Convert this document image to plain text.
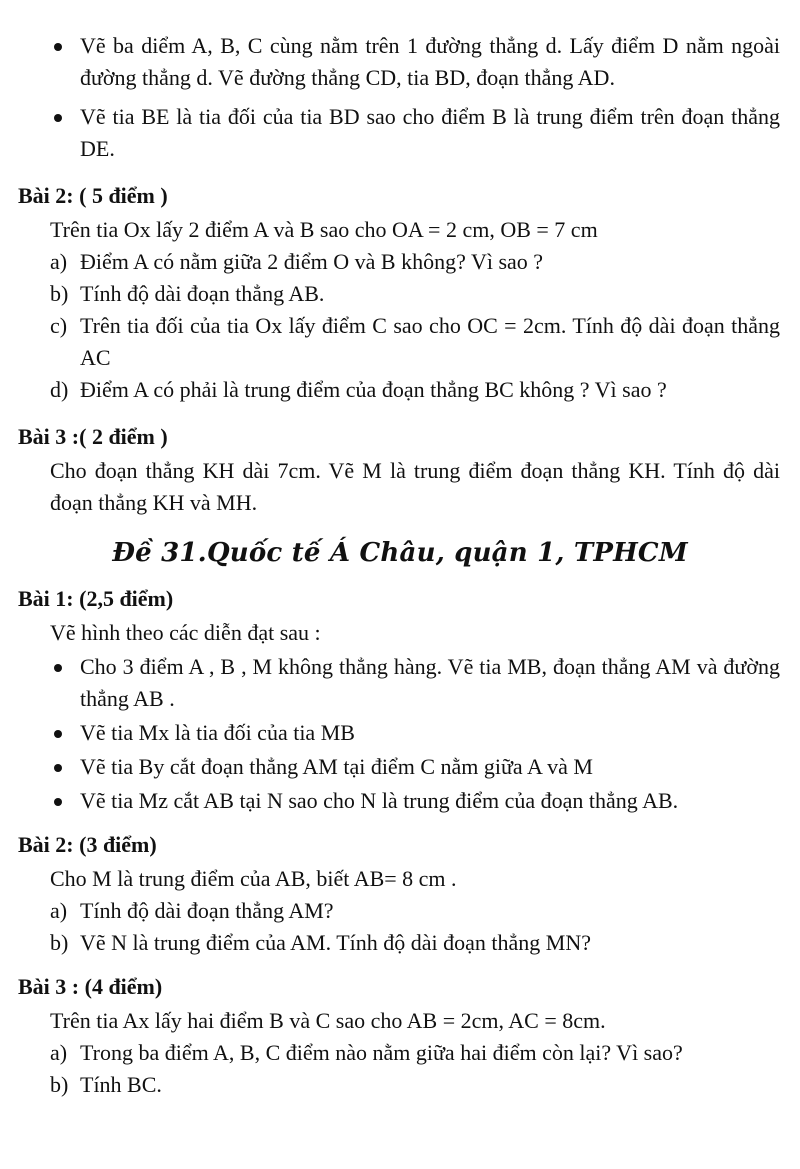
Vẽ ba diểm A, B, C cùng nằm trên 1 đường thẳng d. Lấy điểm D nằm ngoài đường thẳng d. Vẽ đường thẳng CD, tia BD, đoạn thẳng AD.
Vẽ tia BE là tia đối của tia BD sao cho điểm B là trung điểm trên đoạn thẳng DE.
Bài 2: ( 5 điểm )
Trên tia Ox lấy 2 điểm A và B sao cho OA = 2 cm, OB = 7 cm
a) Điểm A có nằm giữa 2 điểm O và B không? Vì sao ?
b) Tính độ dài đoạn thẳng AB.
c) Trên tia đối của tia Ox lấy điểm C sao cho OC = 2cm. Tính độ dài đoạn thẳng AC
d) Điểm A có phải là trung điểm của đoạn thẳng BC không ? Vì sao ?
Bài 3 :( 2 điểm )
Cho đoạn thẳng KH dài 7cm. Vẽ M là trung điểm đoạn thẳng KH. Tính độ dài đoạn thẳng KH và MH.
Đề 31.Quốc tế Á Châu, quận 1, TPHCM
Bài 1: (2,5 điểm)
Vẽ hình theo các diễn đạt sau :
Cho 3 điểm A , B , M không thẳng hàng. Vẽ tia MB, đoạn thẳng AM và đường thẳng AB .
Vẽ tia Mx là tia đối của tia MB
Vẽ tia By cắt đoạn thẳng AM tại điểm C nằm giữa A và M
Vẽ tia Mz cắt AB tại N sao cho N là trung điểm của đoạn thẳng AB.
Bài 2: (3 điểm)
Cho M là trung điểm của AB, biết AB= 8 cm .
a) Tính độ dài đoạn thẳng AM?
b) Vẽ N là trung điểm của AM. Tính độ dài đoạn thẳng MN?
Bài 3 : (4 điểm)
Trên tia Ax lấy hai điểm B và C sao cho AB = 2cm, AC = 8cm.
a) Trong ba điểm A, B, C điểm nào nằm giữa hai điểm còn lại? Vì sao?
b) Tính BC.
